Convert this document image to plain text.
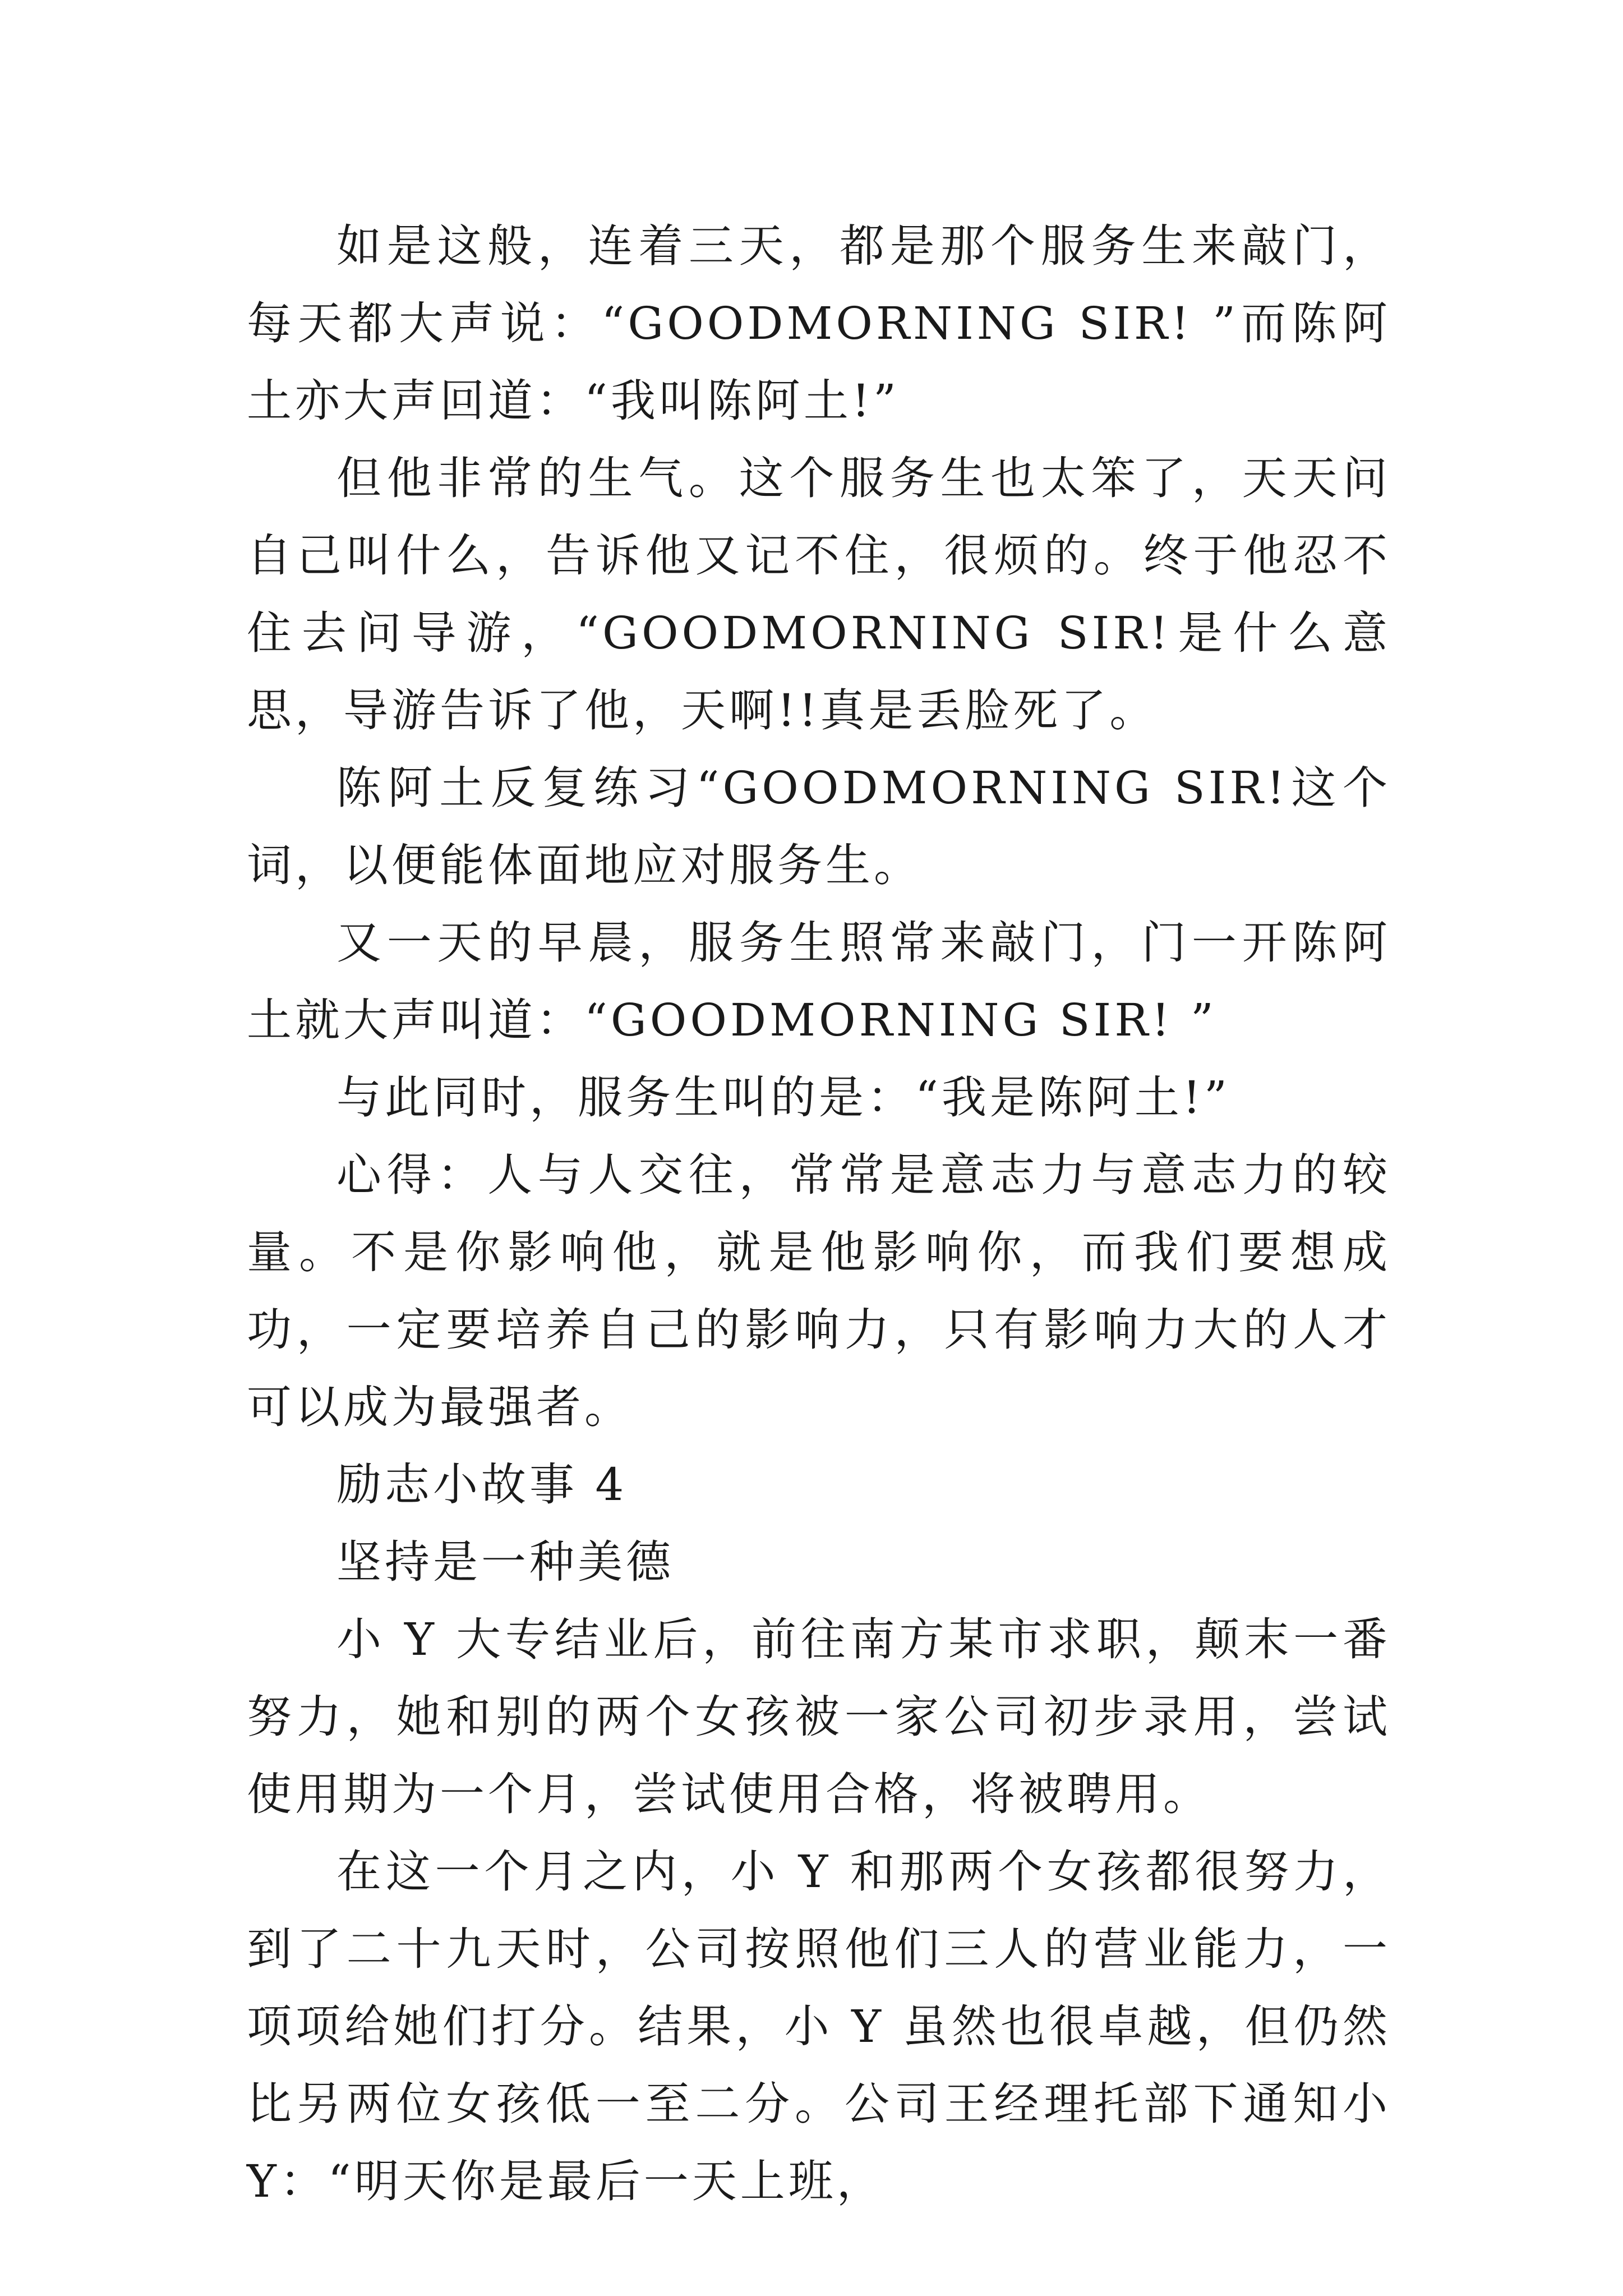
如是这般，连着三天，都是那个服务生来敲门，每天都大声说：“GOODMORNING SIR! ”而陈阿土亦大声回道：“我叫陈阿土!”

但他非常的生气。这个服务生也太笨了，天天问自己叫什么，告诉他又记不住，很烦的。终于他忍不住去问导游，“GOODMORNING SIR!是什么意思，导游告诉了他，天啊!!真是丢脸死了。

陈阿土反复练习“GOODMORNING SIR!这个词，以便能体面地应对服务生。

又一天的早晨，服务生照常来敲门，门一开陈阿土就大声叫道：“GOODMORNING SIR! ”

与此同时，服务生叫的是：“我是陈阿土!”

心得：人与人交往，常常是意志力与意志力的较量。不是你影响他，就是他影响你，而我们要想成功，一定要培养自己的影响力，只有影响力大的人才可以成为最强者。

励志小故事 4

坚持是一种美德

小 Y 大专结业后，前往南方某市求职，颠末一番努力，她和别的两个女孩被一家公司初步录用，尝试使用期为一个月，尝试使用合格，将被聘用。

在这一个月之内，小 Y 和那两个女孩都很努力，到了二十九天时，公司按照他们三人的营业能力，一项项给她们打分。结果，小 Y 虽然也很卓越，但仍然比另两位女孩低一至二分。公司王经理托部下通知小 Y：“明天你是最后一天上班，
